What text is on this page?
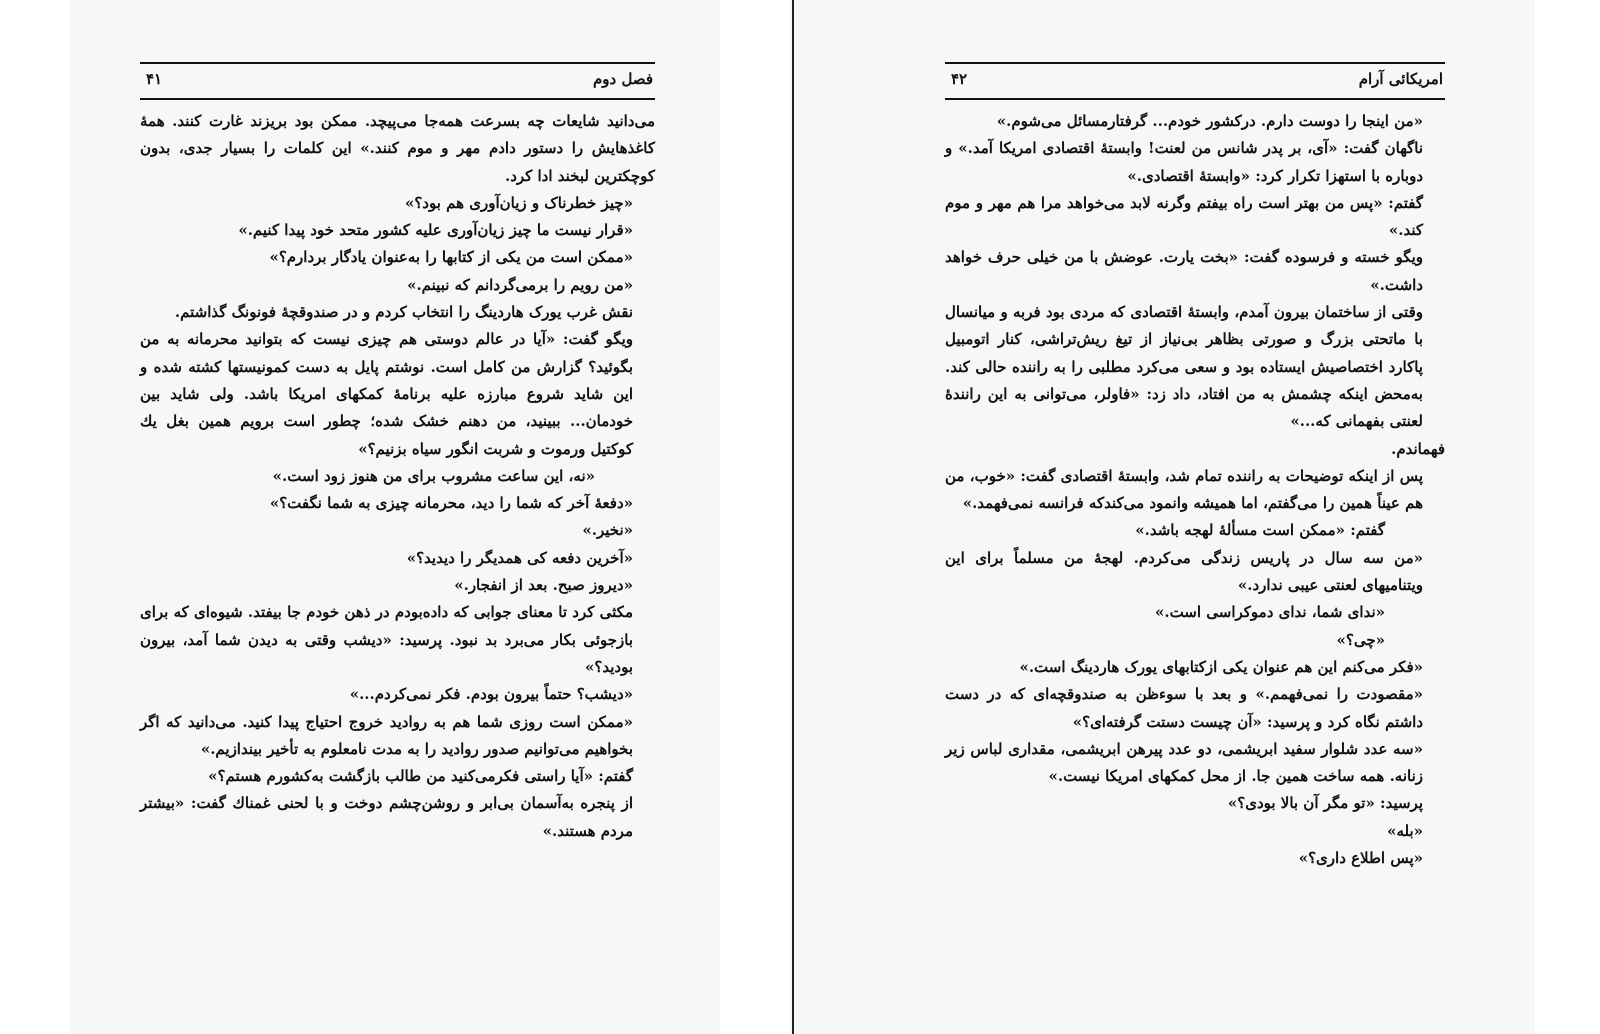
فصل دوم
۴۱

می‌دانید شایعات چه بسرعت همه‌جا می‌پیچد. ممکن بود بریزند غارت کنند. همهٔ کاغذهایش را دستور دادم مهر و موم کنند.» این کلمات را بسیار جدی، بدون کوچکترین لبخند ادا کرد.

«چیز خطرناک و زیان‌آوری هم بود؟»

«قرار نیست ما چیز زیان‌آوری علیه کشور متحد خود پیدا کنیم.»

«ممکن است من یکی از کتابها را به‌عنوان یادگار بردارم؟»

«من رویم را برمی‌گردانم که نبینم.»

نقش غرب یورک هاردینگ را انتخاب کردم و در صندوقچهٔ فونونگ گذاشتم.

ویگو گفت: «آیا در عالم دوستی هم چیزی نیست که بتوانید محرمانه به من بگوئید؟ گزارش من کامل است. نوشتم پایل به دست کمونیستها کشته شده و این شاید شروع مبارزه علیه برنامهٔ کمکهای امریکا باشد. ولی شاید بین خودمان... ببینید، من دهنم خشک شده؛ چطور است برویم همین بغل یك کوکتیل ورموت و شربت انگور سیاه بزنیم؟»

«نه، این ساعت مشروب برای من هنوز زود است.»

«دفعهٔ آخر که شما را دید، محرمانه چیزی به شما نگفت؟»

«نخیر.»

«آخرین دفعه کی همدیگر را دیدید؟»

«دیروز صبح. بعد از انفجار.»

مکثی کرد تا معنای جوابی که داده‌بودم در ذهن خودم جا بیفتد. شیوه‌ای که برای بازجوئی بکار می‌برد بد نبود. پرسید: «دیشب وقتی به دیدن شما آمد، بیرون بودید؟»

«دیشب؟ حتماً بیرون بودم. فکر نمی‌کردم...»

«ممکن است روزی شما هم به روادید خروج احتیاج پیدا کنید. می‌دانید که اگر بخواهیم می‌توانیم صدور روادید را به مدت نامعلوم به تأخیر بیندازیم.»

گفتم: «آیا راستی فکرمی‌کنید من طالب بازگشت به‌کشورم هستم؟»

از پنجره به‌آسمان بی‌ابر و روشن‌چشم دوخت و با لحنی غمناك گفت: «بیشتر مردم هستند.»

امریکائی آرام
۴۲

«من اینجا را دوست دارم. درکشور خودم... گرفتارمسائل می‌شوم.»

ناگهان گفت: «آی، بر پدر شانس من لعنت! وابستهٔ اقتصادی امریکا آمد.» و دوباره با استهزا تکرار کرد: «وابستهٔ اقتصادی.»

گفتم: «پس من بهتر است راه بیفتم وگرنه لابد می‌خواهد مرا هم مهر و موم کند.»

ویگو خسته و فرسوده گفت: «بخت یارت. عوضش با من خیلی حرف خواهد داشت.»

وقتی از ساختمان بیرون آمدم، وابستهٔ اقتصادی که مردی بود فربه و میانسال با ماتحتی بزرگ و صورتی بظاهر بی‌نیاز از تیغ ریش‌تراشی، کنار اتومبیل پاکارد اختصاصیش ایستاده بود و سعی می‌کرد مطلبی را به راننده حالی کند. به‌محض اینکه چشمش به من افتاد، داد زد: «فاولر، می‌توانی به این رانندهٔ لعنتی بفهمانی که...»

فهماندم.

پس از اینکه توضیحات به راننده تمام شد، وابستهٔ اقتصادی گفت: «خوب، من هم عیناً همین را می‌گفتم، اما همیشه وانمود می‌کندکه فرانسه نمی‌فهمد.»

گفتم: «ممکن است مسألهٔ لهجه باشد.»

«من سه سال در پاریس زندگی می‌کردم. لهجهٔ من مسلماً برای این ویتنامیهای لعنتی عیبی ندارد.»

«ندای شما، ندای دموکراسی است.»

«چی؟»

«فکر می‌کنم این هم عنوان یکی ازکتابهای یورک هاردینگ است.»

«مقصودت را نمی‌فهمم.» و بعد با سوءظن به صندوقچه‌ای که در دست داشتم نگاه کرد و پرسید: «آن چیست دستت گرفته‌ای؟»

«سه عدد شلوار سفید ابریشمی، دو عدد پیرهن ابریشمی، مقداری لباس زیر زنانه. همه ساخت همین جا. از محل کمکهای امریکا نیست.»

پرسید: «تو مگر آن بالا بودی؟»

«بله»

«پس اطلاع داری؟»
